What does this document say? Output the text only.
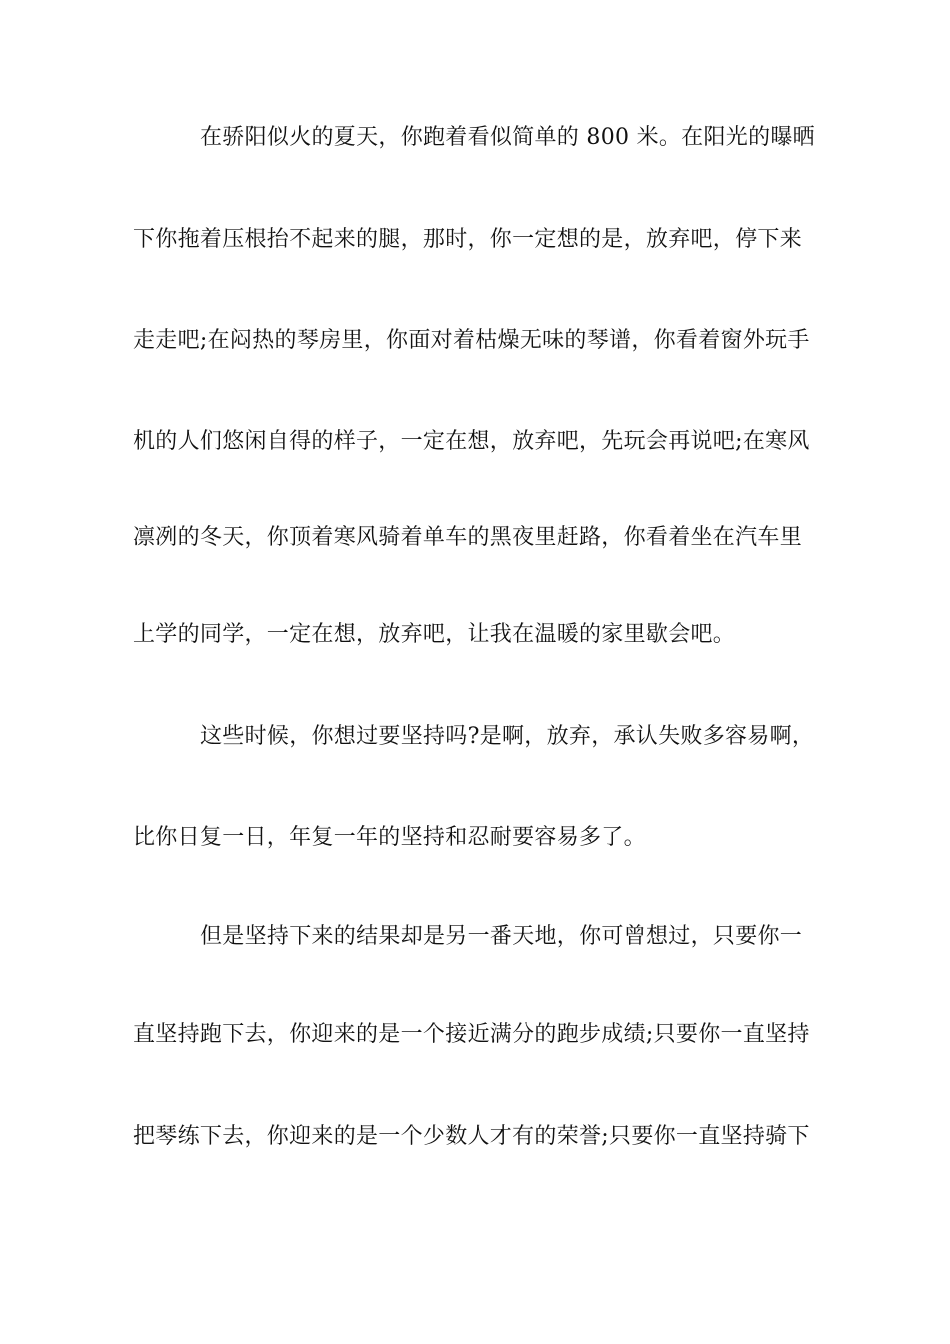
在骄阳似火的夏天，你跑着看似简单的 800 米。在阳光的曝晒
下你拖着压根抬不起来的腿，那时，你一定想的是，放弃吧，停下来
走走吧;在闷热的琴房里，你面对着枯燥无味的琴谱，你看着窗外玩手
机的人们悠闲自得的样子，一定在想，放弃吧，先玩会再说吧;在寒风
凛冽的冬天，你顶着寒风骑着单车的黑夜里赶路，你看着坐在汽车里
上学的同学，一定在想，放弃吧，让我在温暖的家里歇会吧。
这些时候，你想过要坚持吗?是啊，放弃，承认失败多容易啊，
比你日复一日，年复一年的坚持和忍耐要容易多了。
但是坚持下来的结果却是另一番天地，你可曾想过，只要你一
直坚持跑下去，你迎来的是一个接近满分的跑步成绩;只要你一直坚持
把琴练下去，你迎来的是一个少数人才有的荣誉;只要你一直坚持骑下
